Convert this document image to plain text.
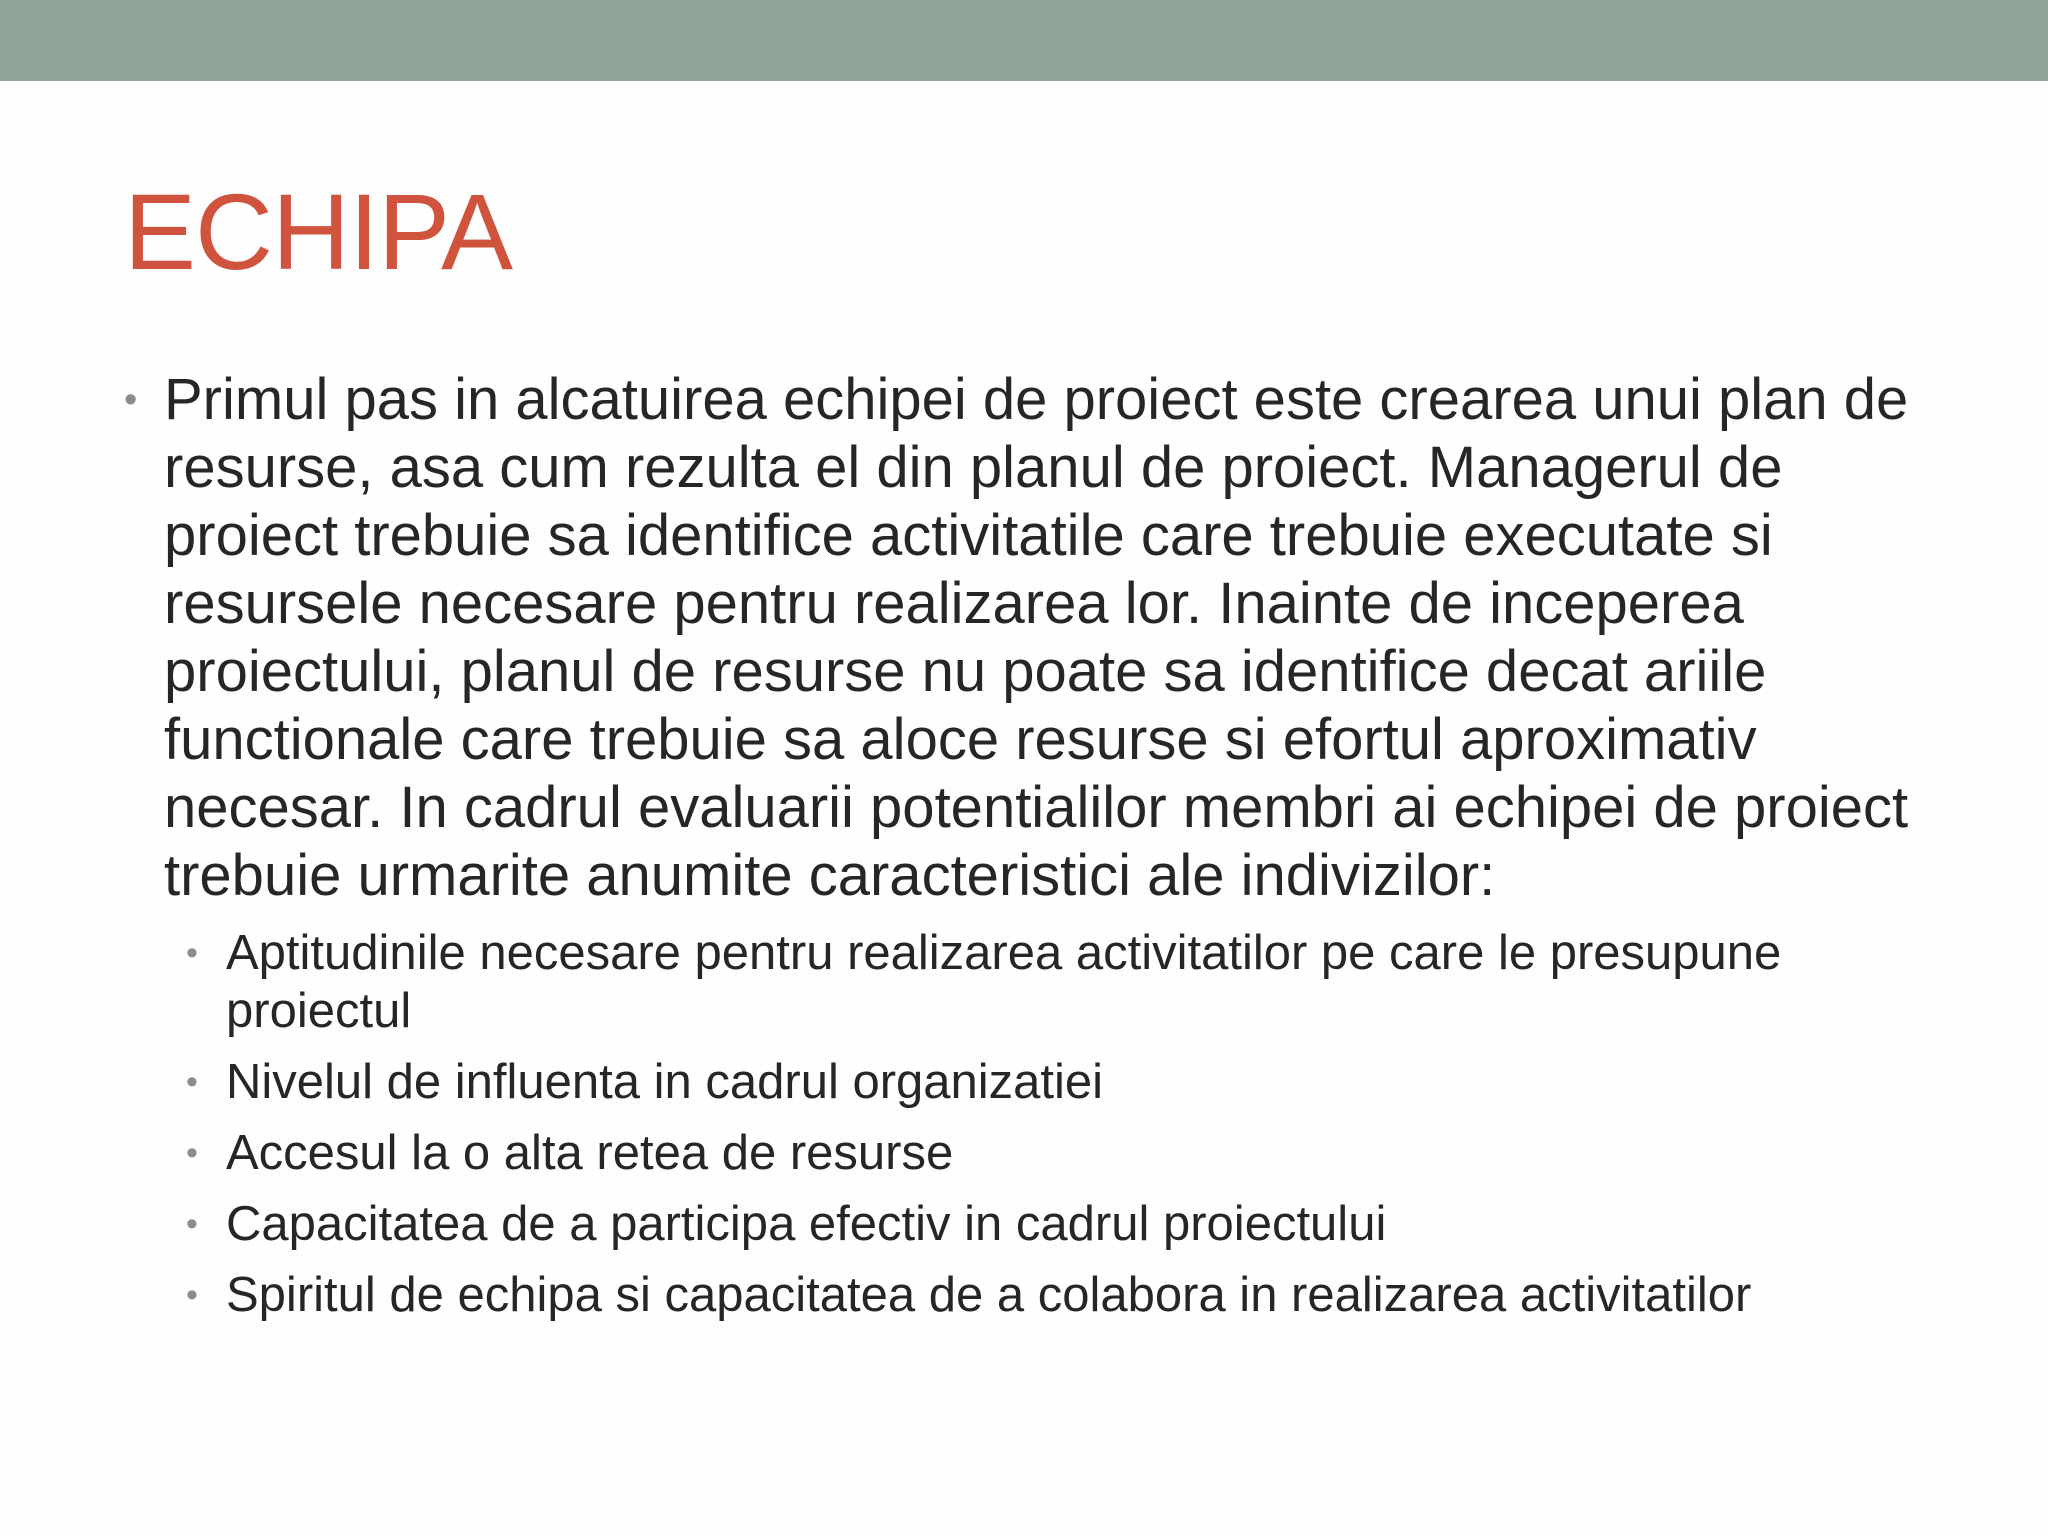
ECHIPA
• Primul pas in alcatuirea echipei de proiect este crearea unui plan de resurse, asa cum rezulta el din planul de proiect. Managerul de proiect trebuie sa identifice activitatile care trebuie executate si resursele necesare pentru realizarea lor. Inainte de inceperea proiectului, planul de resurse nu poate sa identifice decat ariile functionale care trebuie sa aloce resurse si efortul aproximativ necesar. In cadrul evaluarii potentialilor membri ai echipei de proiect trebuie urmarite anumite caracteristici ale indivizilor:
• Aptitudinile necesare pentru realizarea activitatilor pe care le presupune proiectul
• Nivelul de influenta in cadrul organizatiei
• Accesul la o alta retea de resurse
• Capacitatea de a participa efectiv in cadrul proiectului
• Spiritul de echipa si capacitatea de a colabora in realizarea activitatilor
